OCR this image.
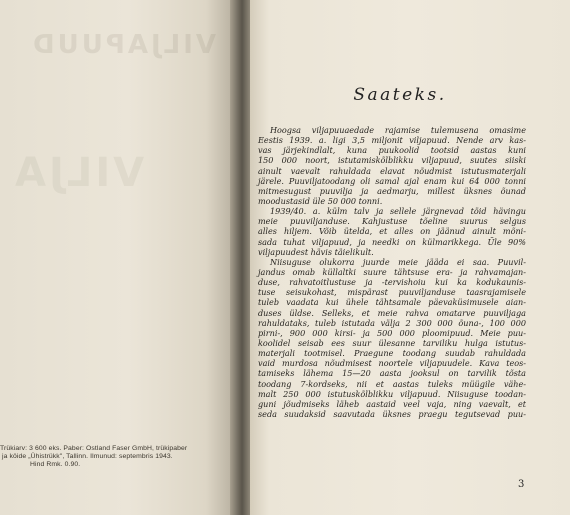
VILJAPUUD
VILJA
Trükiarv: 3 600 eks. Paber: Ostland Faser GmbH, trükipaber
ja köide „Ühistrükk", Tallinn. Ilmunud: septembris 1943.
Hind Rmk. 0.90.
Saateks.
Hoogsa viljapuuaedade rajamise tulemusena omasime
Eestis 1939. a. ligi 3,5 miljonit viljapuud. Nende arv kas-
vas järjekindlalt, kuna puukoolid tootsid aastas kuni
150 000 noort, istutamiskõlblikku viljapuud, suutes siiski
ainult vaevalt rahuldada elavat nõudmist istutusmaterjali
järele. Puuviljatoodang oli samal ajal enam kui 64 000 tonni
mitmesugust puuvilja ja aedmarju, millest üksnes õunad
moodustasid üle 50 000 tonni.
1939/40. a. külm talv ja sellele järgnevad töid hävingu
meie puuviljanduse. Kahjustuse tõeline suurus selgus
alles hiljem. Võib ütelda, et alles on jäänud ainult mõni-
sada tuhat viljapuud, ja needki on külmarikkega. Üle 90%
viljapuudest hävis täielikult.
Niisuguse olukorra juurde meie jääda ei saa. Puuvil-
jandus omab küllaltki suure tähtsuse era- ja rahvamajan-
duse, rahvatoitlustuse ja -tervishoiu kui ka kodukaunis-
tuse seisukohast, mispärast puuviljanduse taasrajamisele
tuleb vaadata kui ühele tähtsamale päevaküsimusele aian-
duses üldse. Selleks, et meie rahva omatarve puuviljaga
rahuldataks, tuleb istutada välja 2 300 000 õuna-, 100 000
pirni-, 900 000 kirsi- ja 500 000 ploomipuud. Meie puu-
koolidel seisab ees suur ülesanne tarviliku hulga istutus-
materjali tootmisel. Praegune toodang suudab rahuldada
vaid murdosa nõudmisest noortele viljapuudele. Kava teos-
tamiseks lähema 15—20 aasta jooksul on tarvilik tõsta
toodang 7-kordseks, nii et aastas tuleks müügile vähe-
malt 250 000 istutuskõlblikku viljapuud. Niisuguse toodan-
guni jõudmiseks läheb aastaid veel vaja, ning vaevalt, et
seda suudaksid saavutada üksnes praegu tegutsevad puu-
3
